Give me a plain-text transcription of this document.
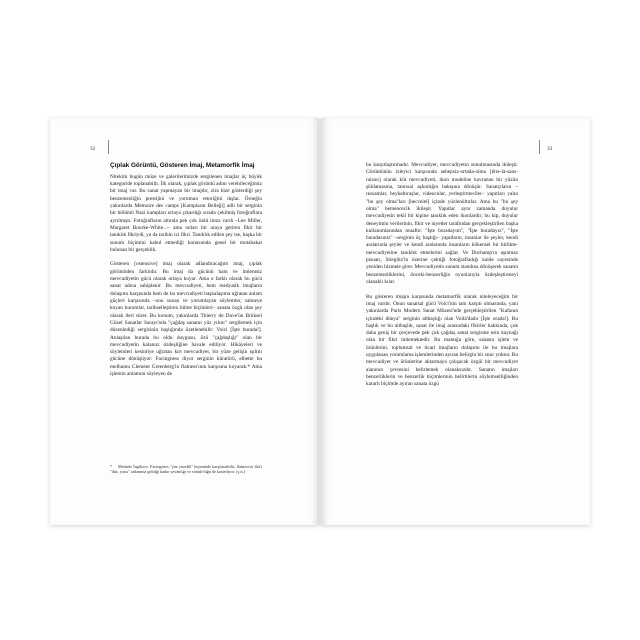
32
Çıplak Görüntü, Gösteren İmaj, Metamorfik İmaj

Nitekim bugün müze ve galerilerimizde sergilenen imajlar üç büyük kategoride toplanabilir. İlk olarak, çıplak görüntü adını verebileceğimiz bir imaj var. Bu sanat yapmayan bir imajdır, zira bize gösterdiği şey benzemezliğin prestijini ve yorumun retoriğini dışlar. Örneğin yakınlarda Mémoire des camps [Kampların Belleği] adlı bir serginin bir bölümü Nazi kampları ortaya çıkardığı sırada çekilmiş fotoğraflara ayrılmıştı. Fotoğrafların altında pek çok ünlü imza vardı –Lee Miller, Margaret Bourke-White...– ama onları bir araya getiren fikir bir tanıklık fikriydi, ya da tarihin izi fikri. Tanıklık edilen şey ise, başka bir sunum biçimini kabul etmediği konusunda genel bir mutabakat bulunan bir gerçeklik.

Gösteren [ostensive] imaj olarak adlandıracağım imaj, çıplak görüntüden farklıdır. Bu imaj da gücünü ham ve imlemsiz mevcudiyetin gücü olarak ortaya koyar. Ama o farklı olarak bu gücü sanat adına sahiplenir. Bu mevcudiyeti, hem medyatik imajların dolaşımı karşısında hem de bu mevcudiyeti başkalaşıma uğratan anlam güçleri karşısında –onu sunan ve yorumlayan söylemler, sahneye koyan kurumlar, tarihselleştiren bilme biçimleri– sanata özgü olan şey olarak ileri sürer. Bu konum, yakınlarda Thierry de Duve'ün Brüksel Güzel Sanatlar Sarayı'nda "çağdaş sanatın yüz yılını" sergilemek için düzenlediği sergisinin başlığında özetlenebilir: Voici [İşte burada!]. Anlaşılan burada bu oldu duygusu, özü "çağdaşlığı" olan bir mevcudiyetin kalanıız özdeşliğine havale ediliyor. Hikâyeleri ve söylemleri kesintiye uğratan kırt mevcudiyet, bir yüze gelişin ışıltılı gücüne dönüşüyor: Facingness diyor serginin küratörü, elbette bu melhumu Clement Greenberg'in flatness'ının karşısına koyarak.* Ama işlemin anlamını söyleyen de

* Metinde İngilizce. Facingness "yüz yüzelik" biçiminde karşılanabilir, flatness'ın flat'i "düz, yassı" anlamına geldiği kadar yavanlığı ve sönük-lüğü de kastediyor. (ç.n.)
33

bu karşıtlaştırmadır. Mevcudiyet, mevcudiyetin sunulmasında ikileşir. Görüntünün izleyici karşısında sebepsiz-ortada-olma [être-là-sans-raison] olarak küt mevcudiyeti, ikon modeline kavranan bir yüzün şüldamasına, tanrısal aşkınlığın bakışına dönüşür. Sanatçıların –ressamlar, heykeltıraşlar, videocular, yerleştirmeciler– yapıtları yalın "bu şey olma"ları [hecceité] içinde yüzlenültırlar. Ama bu "bu şey olma" hemencecik ikileşir. Yapıtlar aynı zamanda duyulur mevcudiyetin tekil bir kipine tanıklık eden ikonlardır; bu kip, duyulur deneyimin verilerinin, fikir ve niyetler tarafından gerçekleştirilen başka kullanımlarından muaftır. "İşte buradayım", "İşte buradayız", "İşte buradasınız" –serginin üç başlığı– yapıtların, insanlar ile şeyler, kendi aralarında şeyler ve kendi aralarında insanların kökensel bir birlikte-mevcudiyetine tanıklık etmelerini sağlar. Ve Duchamp'ın aşınmaz pisuarı, Stieglitz'in özerine çektiği fotoğrafladığı kaide sayesinde yeniden hizmete girer. Mevcudiyetin sunum standına dönüşerek sanatın benzemezliklerini, önceki-benzerliğin oyunlarıyla özdeşleştirmeyi olanaklı kılar.

Bu gösteren imajın karşısında metamorfik olarak niteleyeceğim bir imaj vardır. Onun sanatsal gücü Voici'nin tam karşıtı olmasında, yani yakınlarda Paris Modern Sanat Müzesi'nde gerçekleştirilen "Kafanın içindeki dünya" serginin altbaşlığı olan Voilà'dadır [İşte orada!]. Bu başlık ve bu altbaşlık, sanat ile imaj arasındaki fikirler hakkında, çok daha geniş bir çerçevede pek çok çağdaş sanat sergisine esin kaynağı olan bir fikri imlemektedir. Bu mantığa göre, sanatın işlem ve ürünlerini, toplumsal ve ticari imajların dolaşımı ile bu imajlara uygulanan yorumlama işlemlerinden ayıran belirgin bir sınır yoktur. Bu mevcudiyet ve ürünlerine aktarmaya çalışacak özgül bir mevcudiyet alanının çevresini belirlemek olanaksızdır. Sanatın imajları benzerliklerin ve benzerlik biçimlerinin belirtilerin söylemselliğinden kararlı biçimde ayıran sanata özgü
